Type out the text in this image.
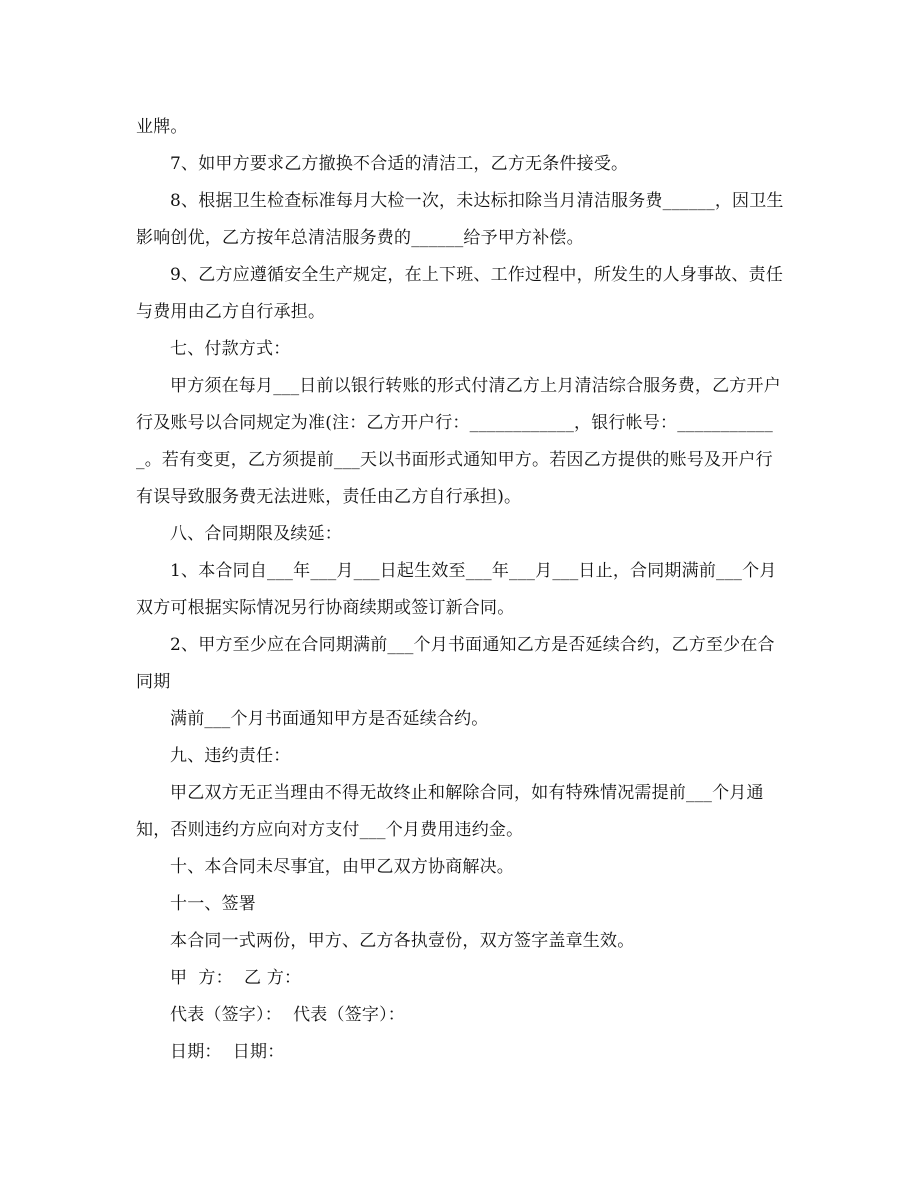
业牌。

7、如甲方要求乙方撤换不合适的清洁工，乙方无条件接受。

8、根据卫生检查标准每月大检一次，未达标扣除当月清洁服务费______，因卫生影响创优，乙方按年总清洁服务费的______给予甲方补偿。

9、乙方应遵循安全生产规定，在上下班、工作过程中，所发生的人身事故、责任与费用由乙方自行承担。

七、付款方式：

甲方须在每月___日前以银行转账的形式付清乙方上月清洁综合服务费，乙方开户行及账号以合同规定为准(注：乙方开户行：____________，银行帐号：____________。若有变更，乙方须提前___天以书面形式通知甲方。若因乙方提供的账号及开户行有误导致服务费无法进账，责任由乙方自行承担)。

八、合同期限及续延：

1、本合同自___年___月___日起生效至___年___月___日止，合同期满前___个月双方可根据实际情况另行协商续期或签订新合同。

2、甲方至少应在合同期满前___个月书面通知乙方是否延续合约，乙方至少在合同期

满前___个月书面通知甲方是否延续合约。

九、违约责任：

甲乙双方无正当理由不得无故终止和解除合同，如有特殊情况需提前___个月通知，否则违约方应向对方支付___个月费用违约金。

十、本合同未尽事宜，由甲乙双方协商解决。

十一、签署

本合同一式两份，甲方、乙方各执壹份，双方签字盖章生效。

甲  方：  乙 方：

代表（签字）：  代表（签字）：

日期：  日期：
